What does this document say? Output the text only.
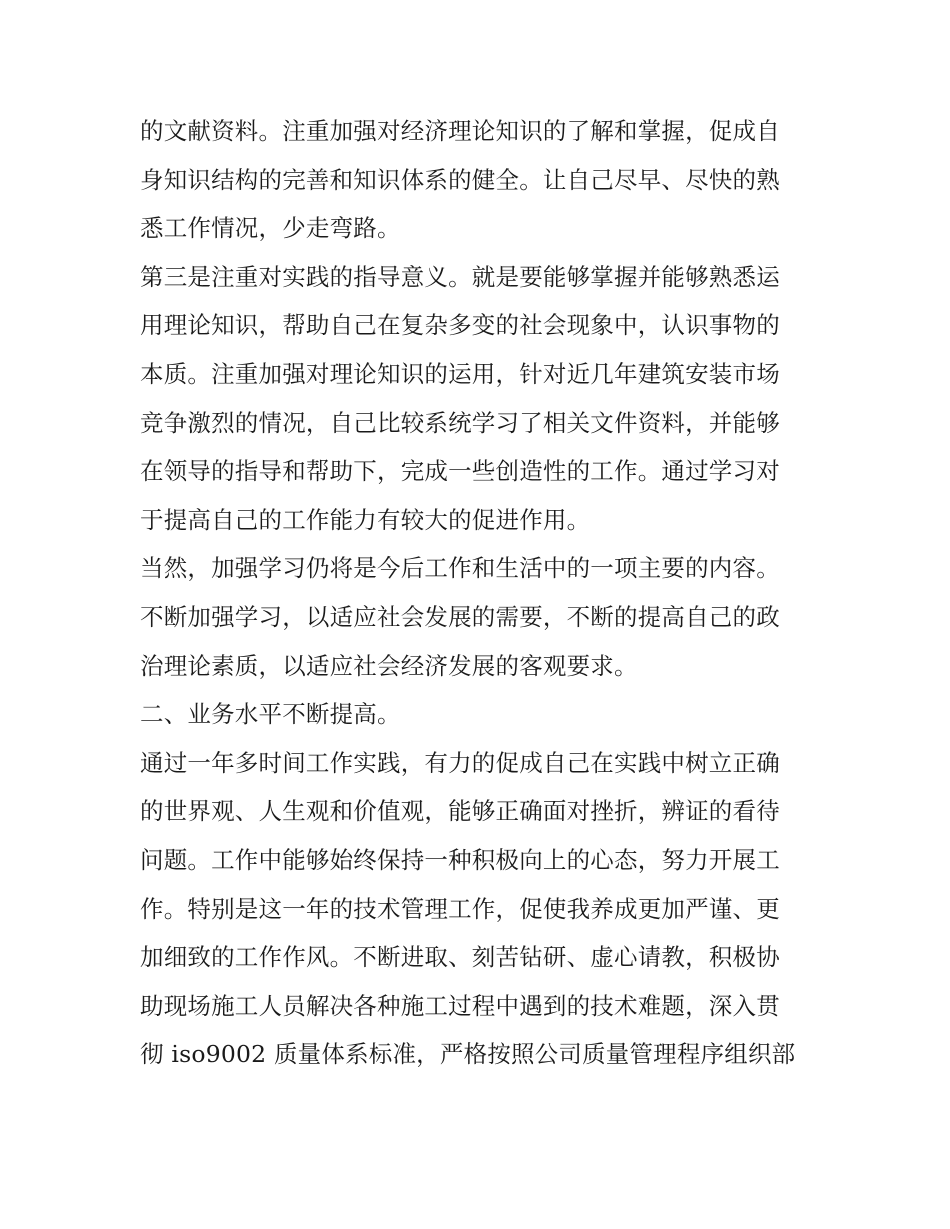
的文献资料。注重加强对经济理论知识的了解和掌握，促成自
身知识结构的完善和知识体系的健全。让自己尽早、尽快的熟
悉工作情况，少走弯路。
第三是注重对实践的指导意义。就是要能够掌握并能够熟悉运
用理论知识，帮助自己在复杂多变的社会现象中，认识事物的
本质。注重加强对理论知识的运用，针对近几年建筑安装市场
竞争激烈的情况，自己比较系统学习了相关文件资料，并能够
在领导的指导和帮助下，完成一些创造性的工作。通过学习对
于提高自己的工作能力有较大的促进作用。
当然，加强学习仍将是今后工作和生活中的一项主要的内容。
不断加强学习，以适应社会发展的需要，不断的提高自己的政
治理论素质，以适应社会经济发展的客观要求。
二、业务水平不断提高。
通过一年多时间工作实践，有力的促成自己在实践中树立正确
的世界观、人生观和价值观，能够正确面对挫折，辨证的看待
问题。工作中能够始终保持一种积极向上的心态，努力开展工
作。特别是这一年的技术管理工作，促使我养成更加严谨、更
加细致的工作作风。不断进取、刻苦钻研、虚心请教，积极协
助现场施工人员解决各种施工过程中遇到的技术难题，深入贯
彻 iso9002 质量体系标准，严格按照公司质量管理程序组织部
